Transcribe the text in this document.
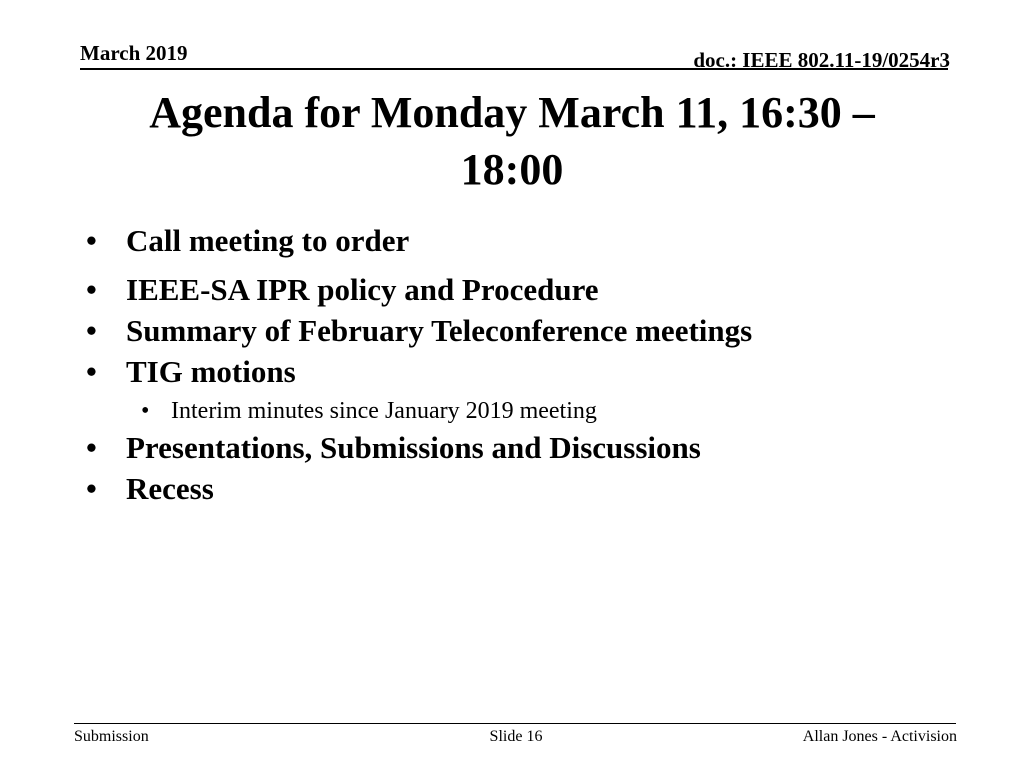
March 2019	doc.: IEEE 802.11-19/0254r3
Agenda for Monday March 11, 16:30 –
18:00
• Call meeting to order
• IEEE-SA IPR policy and Procedure
• Summary of February Teleconference meetings
• TIG motions
• Interim minutes since January 2019 meeting
• Presentations, Submissions and Discussions
• Recess
Submission	Slide 16	Allan Jones - Activision
